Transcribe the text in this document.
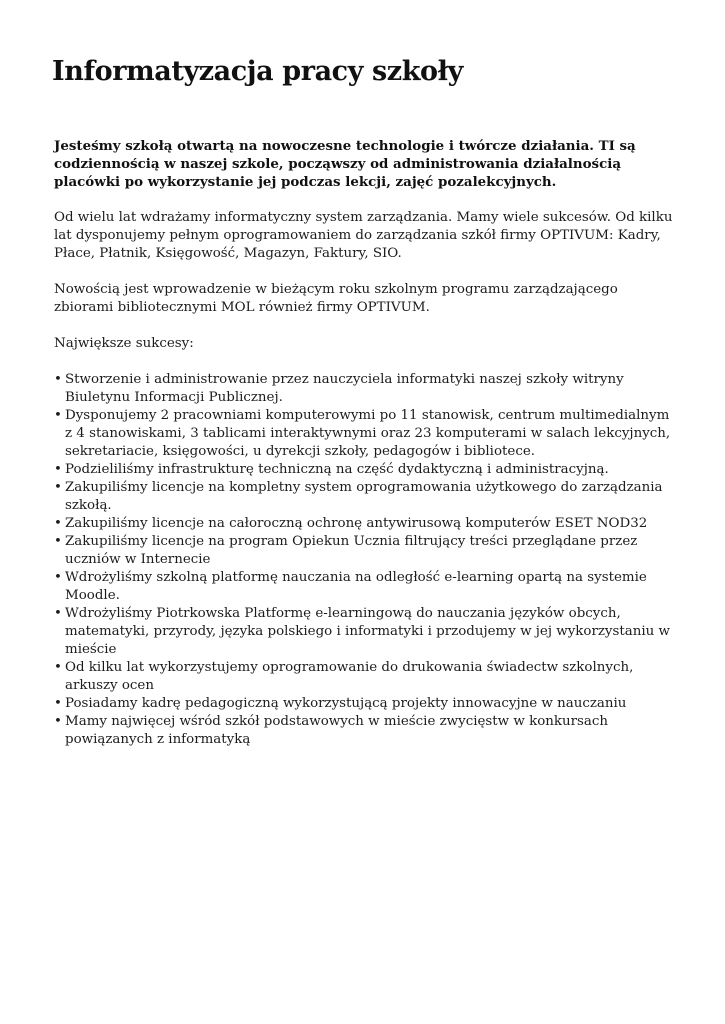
Informatyzacja pracy szkoły

Jesteśmy szkołą otwartą na nowoczesne technologie i twórcze działania. TI są codziennością w naszej szkole, począwszy od administrowania działalnością placówki po wykorzystanie jej podczas lekcji, zajęć pozalekcyjnych.

Od wielu lat wdrażamy informatyczny system zarządzania. Mamy wiele sukcesów. Od kilku lat dysponujemy pełnym oprogramowaniem do zarządzania szkół firmy OPTIVUM: Kadry, Płace, Płatnik, Księgowość, Magazyn, Faktury, SIO.

Nowością jest wprowadzenie w bieżącym roku szkolnym programu zarządzającego zbiorami bibliotecznymi MOL również firmy OPTIVUM.

Największe sukcesy:

• Stworzenie i administrowanie przez nauczyciela informatyki naszej szkoły witryny Biuletynu Informacji Publicznej.
• Dysponujemy 2 pracowniami komputerowymi po 11 stanowisk, centrum multimedialnym z 4 stanowiskami, 3 tablicami interaktywnymi oraz 23 komputerami w salach lekcyjnych, sekretariacie, księgowości, u dyrekcji szkoły, pedagogów i bibliotece.
• Podzieliliśmy infrastrukturę techniczną na część dydaktyczną i administracyjną.
• Zakupiliśmy licencje na kompletny system oprogramowania użytkowego do zarządzania szkołą.
• Zakupiliśmy licencje na całoroczną ochronę antywirusową komputerów ESET NOD32
• Zakupiliśmy licencje na program Opiekun Ucznia filtrujący treści przeglądane przez uczniów w Internecie
• Wdrożyliśmy szkolną platformę nauczania na odległość e-learning opartą na systemie Moodle.
• Wdrożyliśmy Piotrkowska Platformę e-learningową do nauczania języków obcych, matematyki, przyrody, języka polskiego i informatyki i przodujemy w jej wykorzystaniu w mieście
• Od kilku lat wykorzystujemy oprogramowanie do drukowania świadectw szkolnych, arkuszy ocen
• Posiadamy kadrę pedagogiczną wykorzystującą projekty innowacyjne w nauczaniu
• Mamy najwięcej wśród szkół podstawowych w mieście zwycięstw w konkursach powiązanych z informatyką
